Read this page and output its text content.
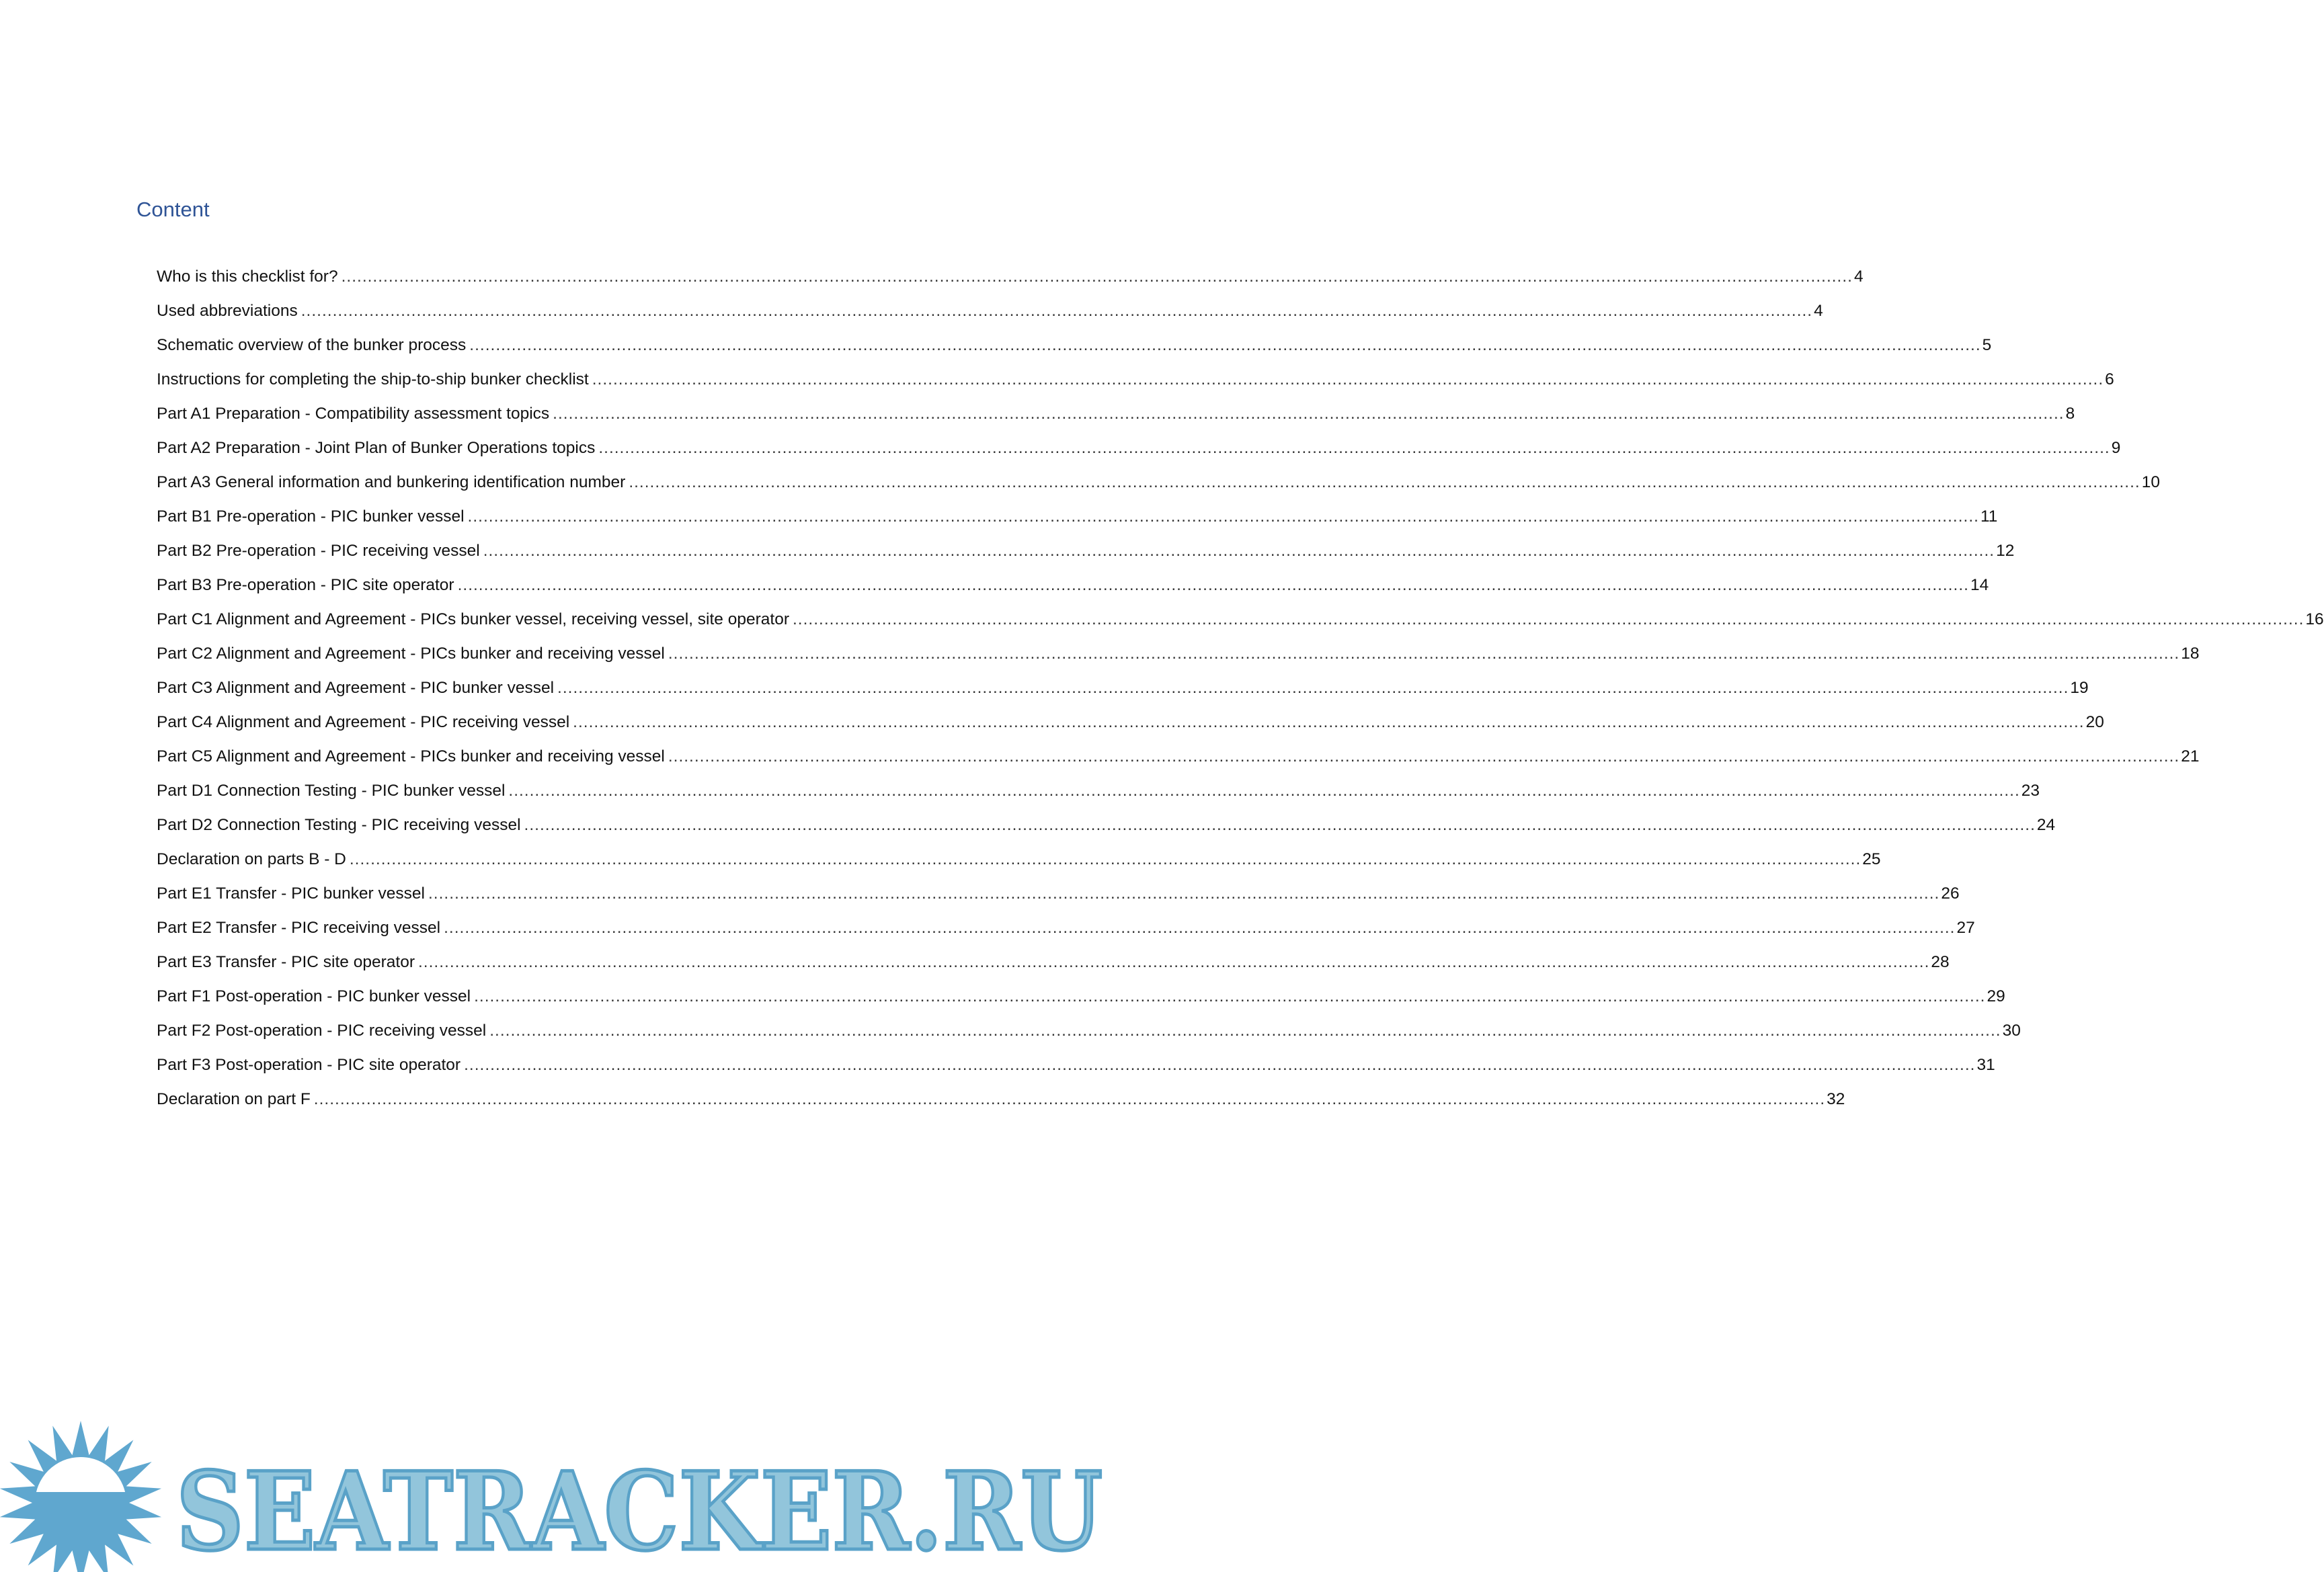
Content
Who is this checklist for? .....	4
Used abbreviations .....	4
Schematic overview of the bunker process .....	5
Instructions for completing the ship-to-ship bunker checklist .....	6
Part A1 Preparation - Compatibility assessment topics .....	8
Part A2 Preparation - Joint Plan of Bunker Operations topics .....	9
Part A3 General information and bunkering identification number .....	10
Part B1 Pre-operation - PIC bunker vessel .....	11
Part B2 Pre-operation - PIC receiving vessel .....	12
Part B3 Pre-operation - PIC site operator .....	14
Part C1 Alignment and Agreement - PICs bunker vessel, receiving vessel, site operator .....	16
Part C2 Alignment and Agreement - PICs bunker and receiving vessel .....	18
Part C3 Alignment and Agreement - PIC bunker vessel .....	19
Part C4 Alignment and Agreement - PIC receiving vessel .....	20
Part C5 Alignment and Agreement - PICs bunker and receiving vessel .....	21
Part D1 Connection Testing - PIC bunker vessel .....	23
Part D2 Connection Testing - PIC receiving vessel .....	24
Declaration on parts B - D .....	25
Part E1 Transfer - PIC bunker vessel .....	26
Part E2 Transfer - PIC receiving vessel .....	27
Part E3 Transfer - PIC site operator .....	28
Part F1 Post-operation - PIC bunker vessel .....	29
Part F2 Post-operation - PIC receiving vessel .....	30
Part F3 Post-operation - PIC site operator .....	31
Declaration on part F .....	32
SEATRACKER.RU
